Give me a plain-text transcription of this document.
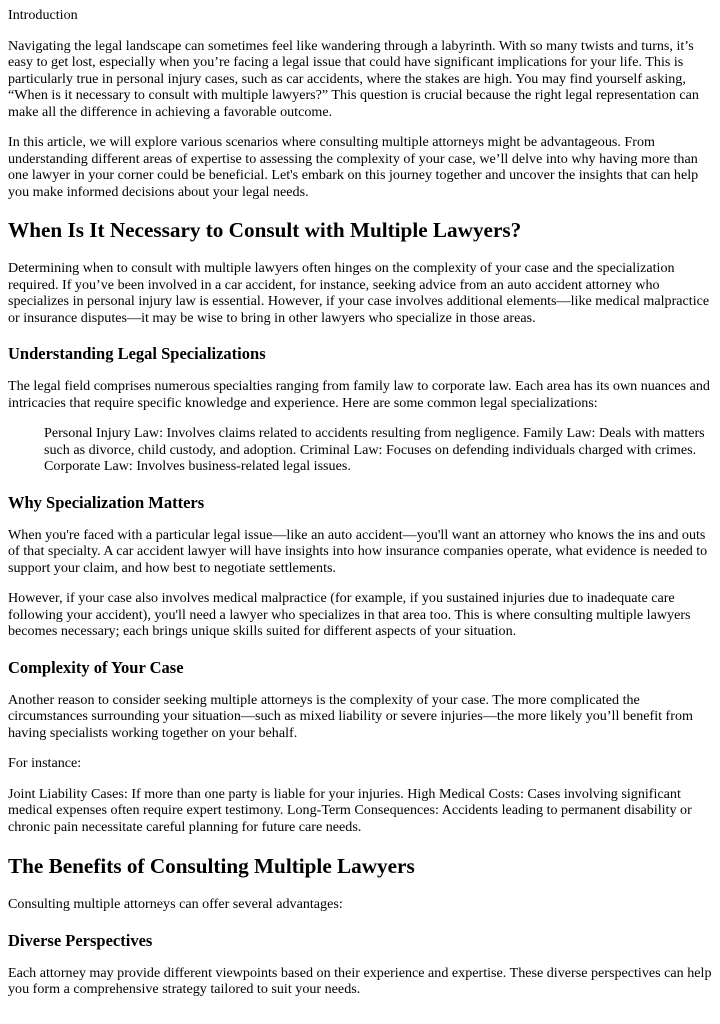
Introduction

Navigating the legal landscape can sometimes feel like wandering through a labyrinth. With so many twists and turns, it’s easy to get lost, especially when you’re facing a legal issue that could have significant implications for your life. This is particularly true in personal injury cases, such as car accidents, where the stakes are high. You may find yourself asking, “When is it necessary to consult with multiple lawyers?” This question is crucial because the right legal representation can make all the difference in achieving a favorable outcome.

In this article, we will explore various scenarios where consulting multiple attorneys might be advantageous. From understanding different areas of expertise to assessing the complexity of your case, we’ll delve into why having more than one lawyer in your corner could be beneficial. Let's embark on this journey together and uncover the insights that can help you make informed decisions about your legal needs.

When Is It Necessary to Consult with Multiple Lawyers?

Determining when to consult with multiple lawyers often hinges on the complexity of your case and the specialization required. If you’ve been involved in a car accident, for instance, seeking advice from an auto accident attorney who specializes in personal injury law is essential. However, if your case involves additional elements—like medical malpractice or insurance disputes—it may be wise to bring in other lawyers who specialize in those areas.

Understanding Legal Specializations

The legal field comprises numerous specialties ranging from family law to corporate law. Each area has its own nuances and intricacies that require specific knowledge and experience. Here are some common legal specializations:

Personal Injury Law: Involves claims related to accidents resulting from negligence. Family Law: Deals with matters such as divorce, child custody, and adoption. Criminal Law: Focuses on defending individuals charged with crimes. Corporate Law: Involves business-related legal issues.
Why Specialization Matters

When you're faced with a particular legal issue—like an auto accident—you'll want an attorney who knows the ins and outs of that specialty. A car accident lawyer will have insights into how insurance companies operate, what evidence is needed to support your claim, and how best to negotiate settlements.

However, if your case also involves medical malpractice (for example, if you sustained injuries due to inadequate care following your accident), you'll need a lawyer who specializes in that area too. This is where consulting multiple lawyers becomes necessary; each brings unique skills suited for different aspects of your situation.

Complexity of Your Case

Another reason to consider seeking multiple attorneys is the complexity of your case. The more complicated the circumstances surrounding your situation—such as mixed liability or severe injuries—the more likely you’ll benefit from having specialists working together on your behalf.

For instance:

Joint Liability Cases: If more than one party is liable for your injuries. High Medical Costs: Cases involving significant medical expenses often require expert testimony. Long-Term Consequences: Accidents leading to permanent disability or chronic pain necessitate careful planning for future care needs.

The Benefits of Consulting Multiple Lawyers

Consulting multiple attorneys can offer several advantages:

Diverse Perspectives

Each attorney may provide different viewpoints based on their experience and expertise. These diverse perspectives can help you form a comprehensive strategy tailored to suit your needs.
